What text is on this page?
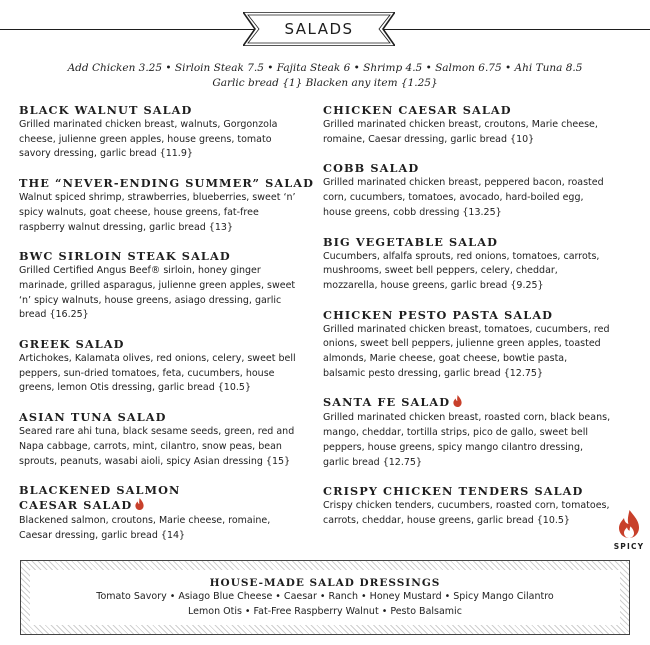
SALADS
Add Chicken 3.25 • Sirloin Steak 7.5 • Fajita Steak 6 • Shrimp 4.5 • Salmon 6.75 • Ahi Tuna 8.5
Garlic bread {1} Blacken any item {1.25}
BLACK WALNUT SALAD
Grilled marinated chicken breast, walnuts, Gorgonzola cheese, julienne green apples, house greens, tomato savory dressing, garlic bread {11.9}
THE “NEVER-ENDING SUMMER” SALAD
Walnut spiced shrimp, strawberries, blueberries, sweet ‘n’ spicy walnuts, goat cheese, house greens, fat-free raspberry walnut dressing, garlic bread {13}
BWC SIRLOIN STEAK SALAD
Grilled Certified Angus Beef® sirloin, honey ginger marinade, grilled asparagus, julienne green apples, sweet ‘n’ spicy walnuts, house greens, asiago dressing, garlic bread {16.25}
GREEK SALAD
Artichokes, Kalamata olives, red onions, celery, sweet bell peppers, sun-dried tomatoes, feta, cucumbers, house greens, lemon Otis dressing, garlic bread {10.5}
ASIAN TUNA SALAD
Seared rare ahi tuna, black sesame seeds, green, red and Napa cabbage, carrots, mint, cilantro, snow peas, bean sprouts, peanuts, wasabi aioli, spicy Asian dressing {15}
BLACKENED SALMON
CAESAR SALAD
Blackened salmon, croutons, Marie cheese, romaine, Caesar dressing, garlic bread {14}
CHICKEN CAESAR SALAD
Grilled marinated chicken breast, croutons, Marie cheese, romaine, Caesar dressing, garlic bread {10}
COBB SALAD
Grilled marinated chicken breast, peppered bacon, roasted corn, cucumbers, tomatoes, avocado, hard-boiled egg, house greens, cobb dressing {13.25}
BIG VEGETABLE SALAD
Cucumbers, alfalfa sprouts, red onions, tomatoes, carrots, mushrooms, sweet bell peppers, celery, cheddar, mozzarella, house greens, garlic bread {9.25}
CHICKEN PESTO PASTA SALAD
Grilled marinated chicken breast, tomatoes, cucumbers, red onions, sweet bell peppers, julienne green apples, toasted almonds, Marie cheese, goat cheese, bowtie pasta, balsamic pesto dressing, garlic bread {12.75}
SANTA FE SALAD
Grilled marinated chicken breast, roasted corn, black beans, mango, cheddar, tortilla strips, pico de gallo, sweet bell peppers, house greens, spicy mango cilantro dressing, garlic bread {12.75}
CRISPY CHICKEN TENDERS SALAD
Crispy chicken tenders, cucumbers, roasted corn, tomatoes, carrots, cheddar, house greens, garlic bread {10.5}
SPICY
HOUSE-MADE SALAD DRESSINGS
Tomato Savory • Asiago Blue Cheese • Caesar • Ranch • Honey Mustard • Spicy Mango Cilantro
Lemon Otis • Fat-Free Raspberry Walnut • Pesto Balsamic
